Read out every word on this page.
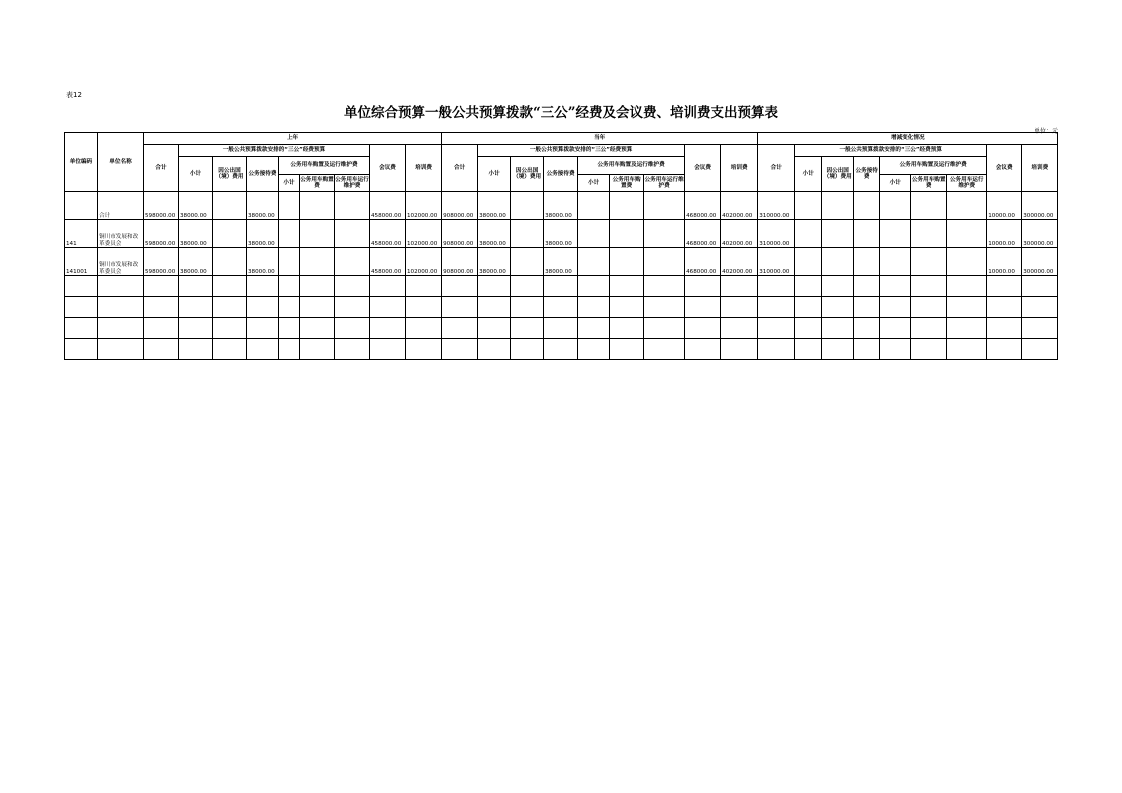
表12
单位综合预算一般公共预算拨款“三公”经费及会议费、培训费支出预算表
单位：元
单位编码	单位名称	上年									当年									增减变化情况								
		合计	一般公共预算拨款安排的“三公”经费预算						会议费	培训费	合计	一般公共预算拨款安排的“三公”经费预算						会议费	培训费	合计	一般公共预算拨款安排的“三公”经费预算						会议费	培训费
			小计	因公出国（境）费用	公务接待费	公务用车购置及运行维护费						小计	因公出国（境）费用	公务接待费	公务用车购置及运行维护费						小计	因公出国（境）费用	公务接待费	公务用车购置及运行维护费				
						小计	公务用车购置费	公务用车运行维护费							小计	公务用车购置费	公务用车运行维护费							小计	公务用车购置费	公务用车运行维护费		
	合计	598000.00	38000.00		38000.00				458000.00	102000.00	908000.00	38000.00		38000.00				468000.00	402000.00	310000.00							10000.00	300000.00
141	铜川市发展和改革委员会	598000.00	38000.00		38000.00				458000.00	102000.00	908000.00	38000.00		38000.00				468000.00	402000.00	310000.00							10000.00	300000.00
141001	铜川市发展和改革委员会	598000.00	38000.00		38000.00				458000.00	102000.00	908000.00	38000.00		38000.00				468000.00	402000.00	310000.00							10000.00	300000.00
